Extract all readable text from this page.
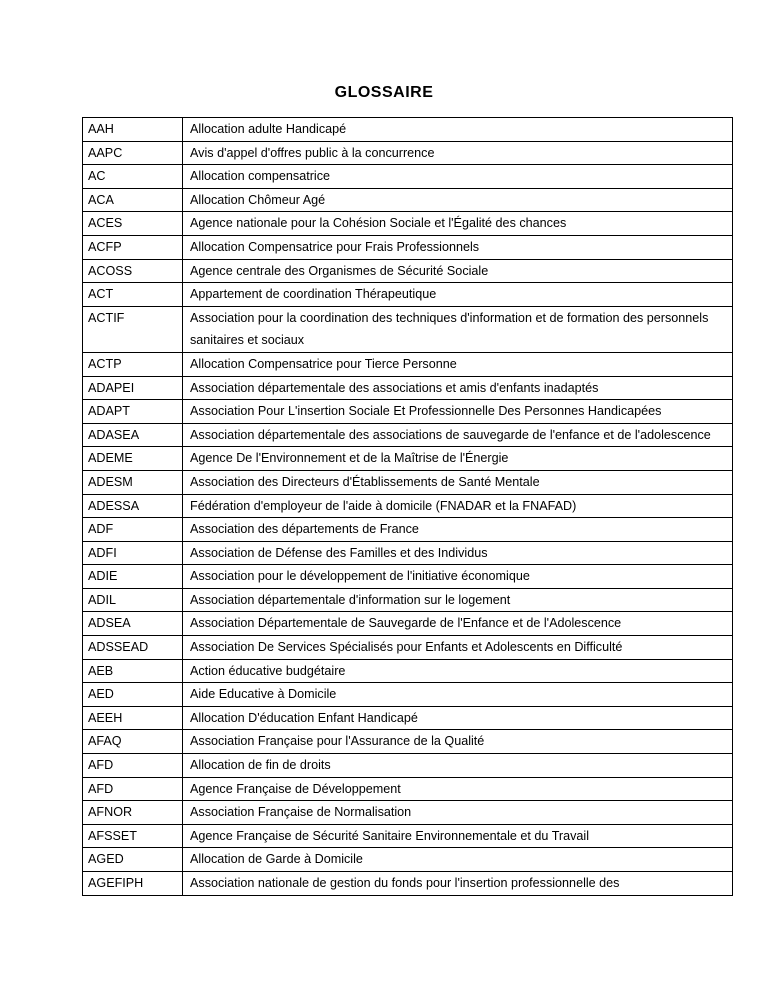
GLOSSAIRE
AAH	Allocation adulte Handicapé
AAPC	Avis d'appel d'offres public à la concurrence
AC	Allocation compensatrice
ACA	Allocation Chômeur Agé
ACES	Agence nationale pour la Cohésion Sociale et l'Égalité des chances
ACFP	Allocation Compensatrice pour Frais Professionnels
ACOSS	Agence centrale des Organismes de Sécurité Sociale
ACT	Appartement de coordination Thérapeutique
ACTIF	Association pour la coordination des techniques d'information et de formation des personnels sanitaires et sociaux
ACTP	Allocation Compensatrice pour Tierce Personne
ADAPEI	Association départementale des associations et amis d'enfants inadaptés
ADAPT	Association Pour L'insertion Sociale Et Professionnelle Des Personnes Handicapées
ADASEA	Association départementale des associations de sauvegarde de l'enfance et de l'adolescence
ADEME	Agence De l'Environnement et de la Maîtrise de l'Énergie
ADESM	Association des Directeurs d'Établissements de Santé Mentale
ADESSA	Fédération d'employeur de l'aide à domicile (FNADAR et la FNAFAD)
ADF	Association des départements de France
ADFI	Association de Défense des Familles et des Individus
ADIE	Association pour le développement de l'initiative économique
ADIL	Association départementale d'information sur le logement
ADSEA	Association Départementale de Sauvegarde de l'Enfance et de l'Adolescence
ADSSEAD	Association De Services Spécialisés pour Enfants et Adolescents en Difficulté
AEB	Action éducative budgétaire
AED	Aide Educative à Domicile
AEEH	Allocation D'éducation Enfant Handicapé
AFAQ	Association Française pour l'Assurance de la Qualité
AFD	Allocation de fin de droits
AFD	Agence Française de Développement
AFNOR	Association Française de Normalisation
AFSSET	Agence Française de Sécurité Sanitaire Environnementale et du Travail
AGED	Allocation de Garde à Domicile
AGEFIPH	Association nationale de gestion du fonds pour l'insertion professionnelle des
